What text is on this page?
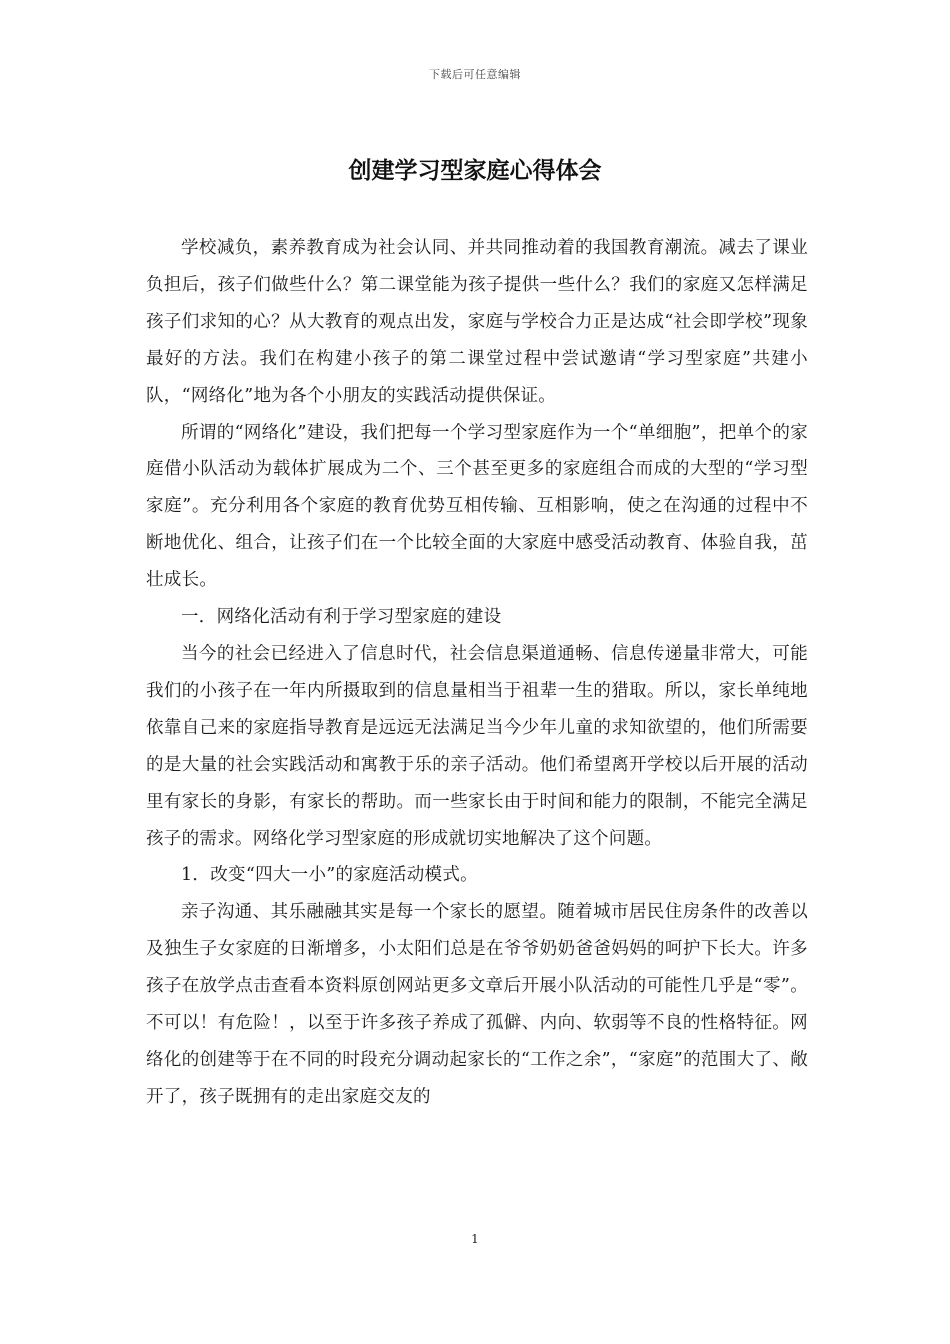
下载后可任意编辑
创建学习型家庭心得体会

学校减负，素养教育成为社会认同、并共同推动着的我国教育潮流。减去了课业负担后，孩子们做些什么？第二课堂能为孩子提供一些什么？我们的家庭又怎样满足孩子们求知的心？从大教育的观点出发，家庭与学校合力正是达成“社会即学校”现象最好的方法。我们在构建小孩子的第二课堂过程中尝试邀请“学习型家庭”共建小队，“网络化”地为各个小朋友的实践活动提供保证。

所谓的“网络化”建设，我们把每一个学习型家庭作为一个“单细胞”，把单个的家庭借小队活动为载体扩展成为二个、三个甚至更多的家庭组合而成的大型的“学习型家庭”。充分利用各个家庭的教育优势互相传输、互相影响，使之在沟通的过程中不断地优化、组合，让孩子们在一个比较全面的大家庭中感受活动教育、体验自我，茁壮成长。

一．网络化活动有利于学习型家庭的建设

当今的社会已经进入了信息时代，社会信息渠道通畅、信息传递量非常大，可能我们的小孩子在一年内所摄取到的信息量相当于祖辈一生的猎取。所以，家长单纯地依靠自己来的家庭指导教育是远远无法满足当今少年儿童的求知欲望的，他们所需要的是大量的社会实践活动和寓教于乐的亲子活动。他们希望离开学校以后开展的活动里有家长的身影，有家长的帮助。而一些家长由于时间和能力的限制，不能完全满足孩子的需求。网络化学习型家庭的形成就切实地解决了这个问题。

1．改变“四大一小”的家庭活动模式。

亲子沟通、其乐融融其实是每一个家长的愿望。随着城市居民住房条件的改善以及独生子女家庭的日渐增多，小太阳们总是在爷爷奶奶爸爸妈妈的呵护下长大。许多孩子在放学点击查看本资料原创网站更多文章后开展小队活动的可能性几乎是“零”。不可以！有危险！，以至于许多孩子养成了孤僻、内向、软弱等不良的性格特征。网络化的创建等于在不同的时段充分调动起家长的“工作之余”，“家庭”的范围大了、敞开了，孩子既拥有的走出家庭交友的

1
